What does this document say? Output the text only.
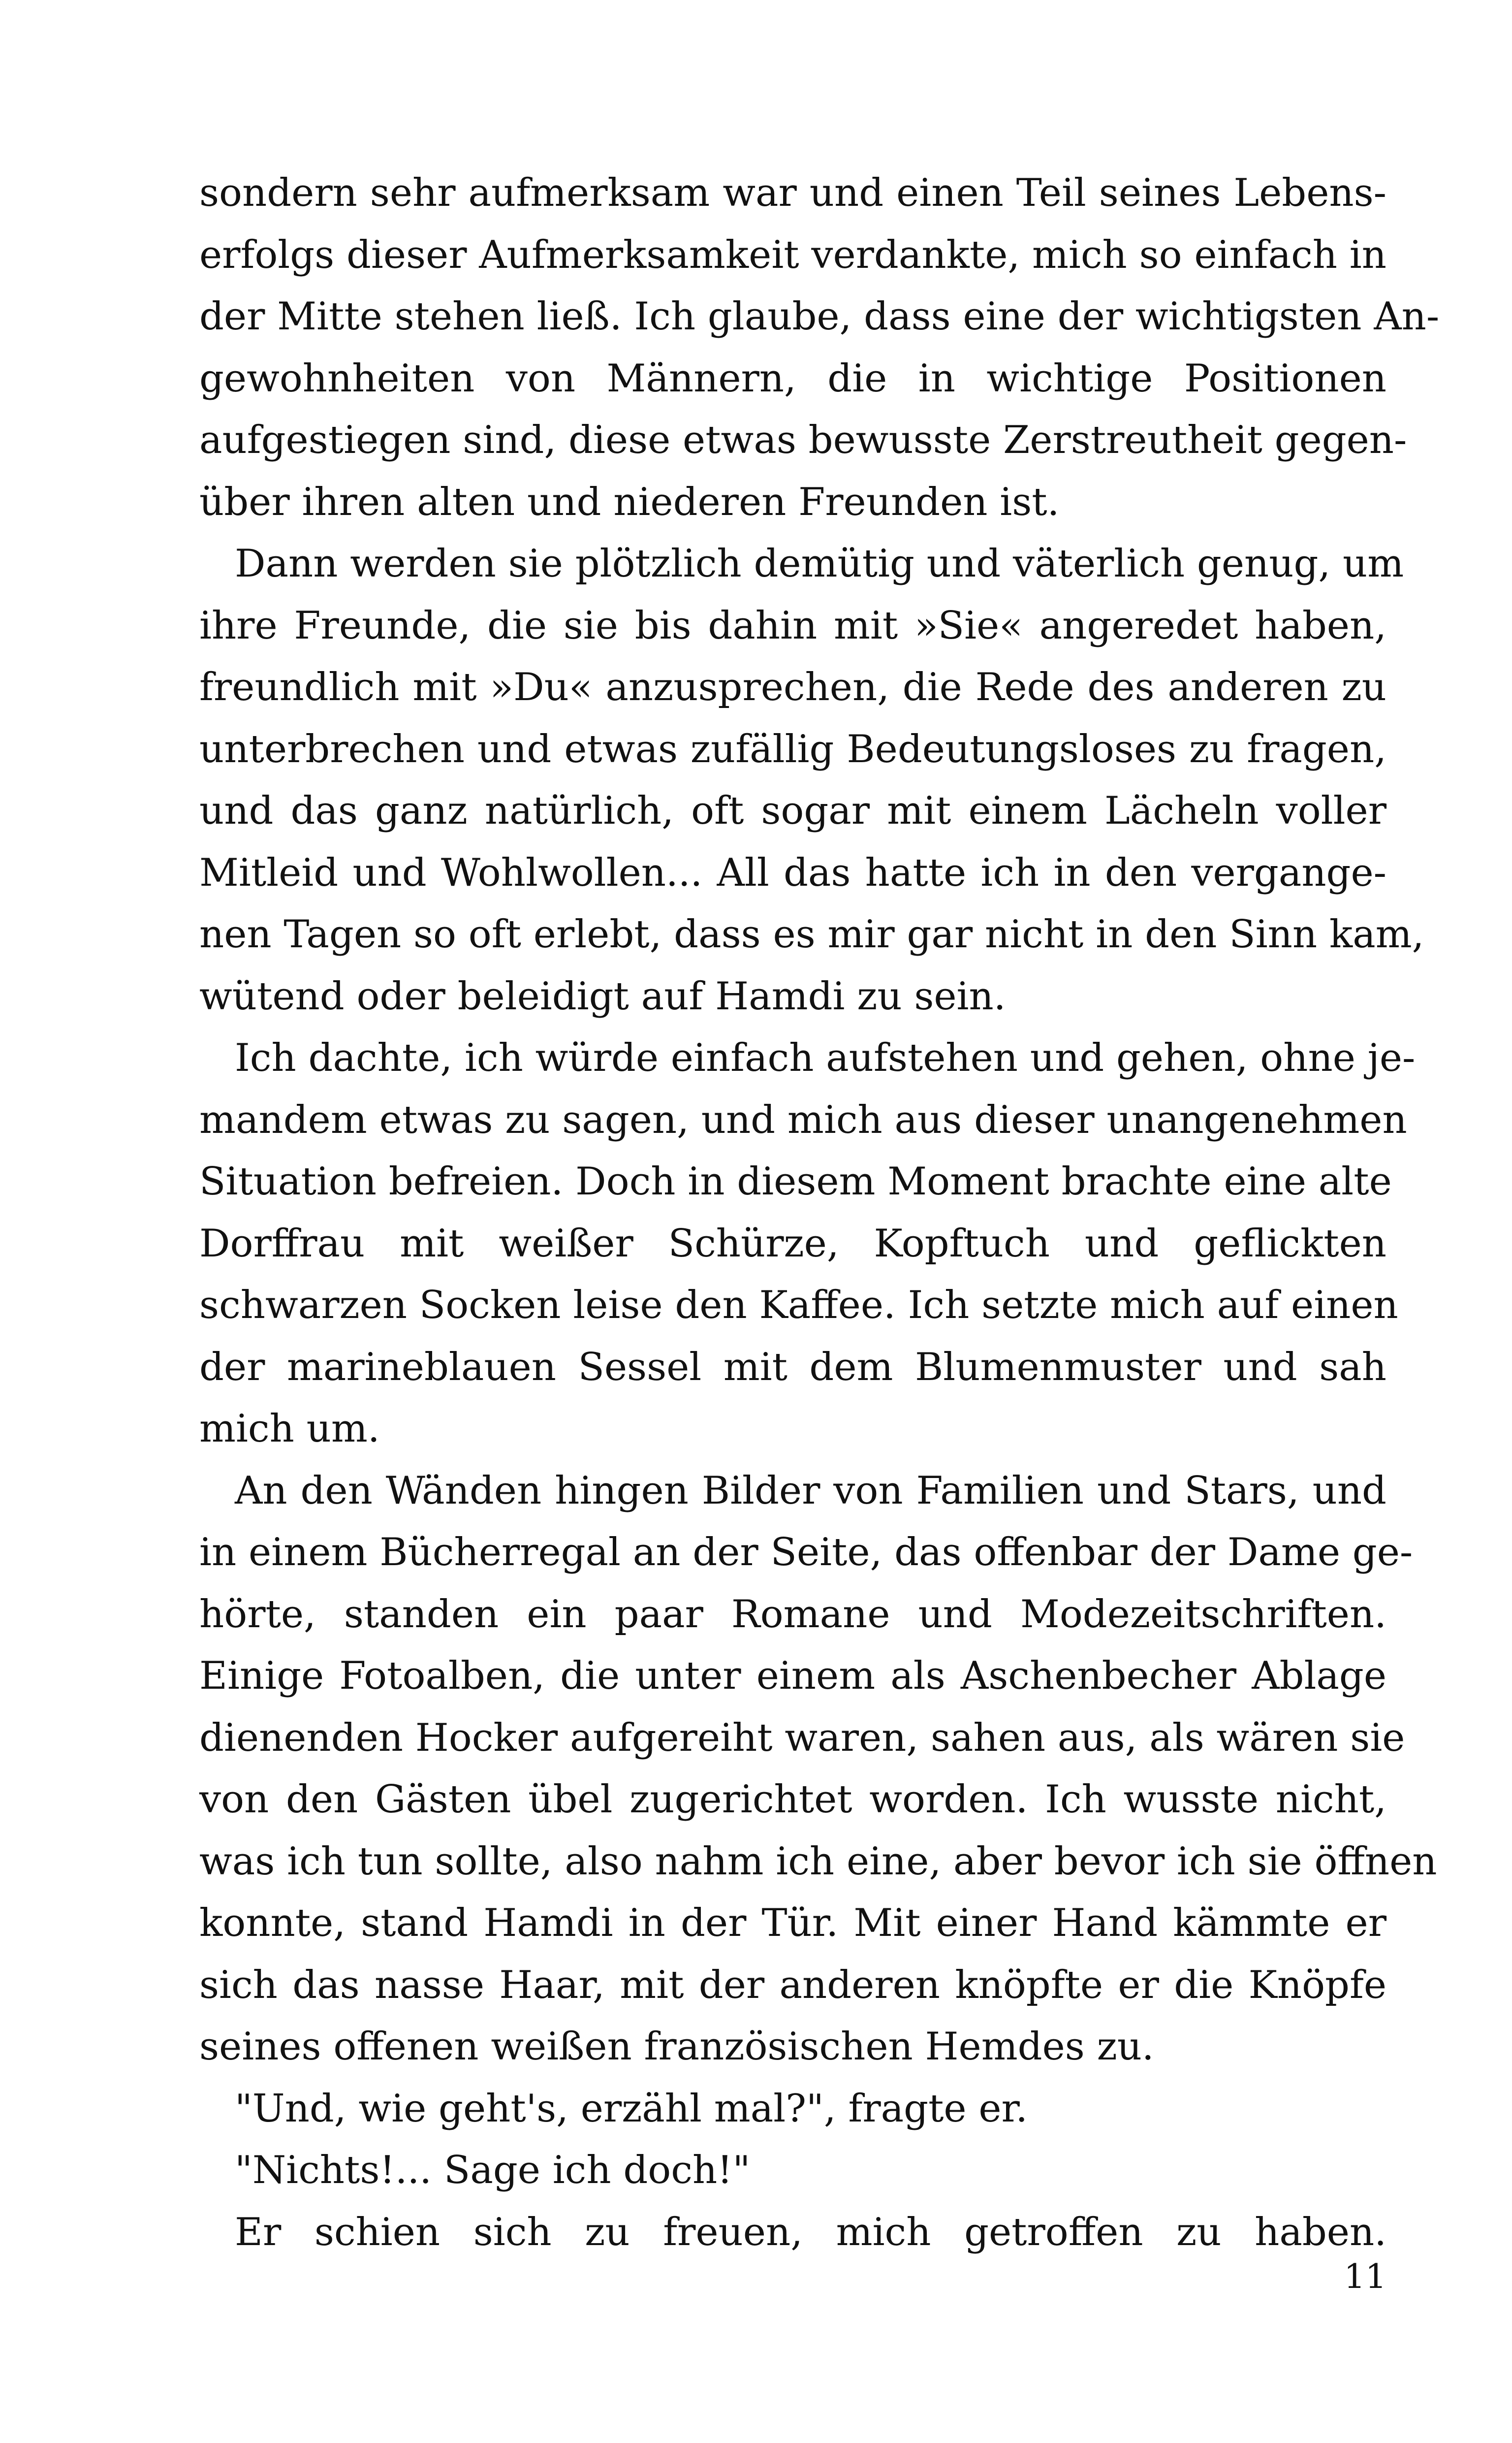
sondern sehr aufmerksam war und einen Teil seines Lebens-
erfolgs dieser Aufmerksamkeit verdankte, mich so einfach in
der Mitte stehen ließ. Ich glaube, dass eine der wichtigsten An-
gewohnheiten von Männern, die in wichtige Positionen
aufgestiegen sind, diese etwas bewusste Zerstreutheit gegen-
über ihren alten und niederen Freunden ist.
Dann werden sie plötzlich demütig und väterlich genug, um
ihre Freunde, die sie bis dahin mit »Sie« angeredet haben,
freundlich mit »Du« anzusprechen, die Rede des anderen zu
unterbrechen und etwas zufällig Bedeutungsloses zu fragen,
und das ganz natürlich, oft sogar mit einem Lächeln voller
Mitleid und Wohlwollen... All das hatte ich in den vergange-
nen Tagen so oft erlebt, dass es mir gar nicht in den Sinn kam,
wütend oder beleidigt auf Hamdi zu sein.
Ich dachte, ich würde einfach aufstehen und gehen, ohne je-
mandem etwas zu sagen, und mich aus dieser unangenehmen
Situation befreien. Doch in diesem Moment brachte eine alte
Dorffrau mit weißer Schürze, Kopftuch und geflickten
schwarzen Socken leise den Kaffee. Ich setzte mich auf einen
der marineblauen Sessel mit dem Blumenmuster und sah
mich um.
An den Wänden hingen Bilder von Familien und Stars, und
in einem Bücherregal an der Seite, das offenbar der Dame ge-
hörte, standen ein paar Romane und Modezeitschriften.
Einige Fotoalben, die unter einem als Aschenbecher Ablage
dienenden Hocker aufgereiht waren, sahen aus, als wären sie
von den Gästen übel zugerichtet worden. Ich wusste nicht,
was ich tun sollte, also nahm ich eine, aber bevor ich sie öffnen
konnte, stand Hamdi in der Tür. Mit einer Hand kämmte er
sich das nasse Haar, mit der anderen knöpfte er die Knöpfe
seines offenen weißen französischen Hemdes zu.
"Und, wie geht's, erzähl mal?", fragte er.
"Nichts!... Sage ich doch!"
Er schien sich zu freuen, mich getroffen zu haben.
11
